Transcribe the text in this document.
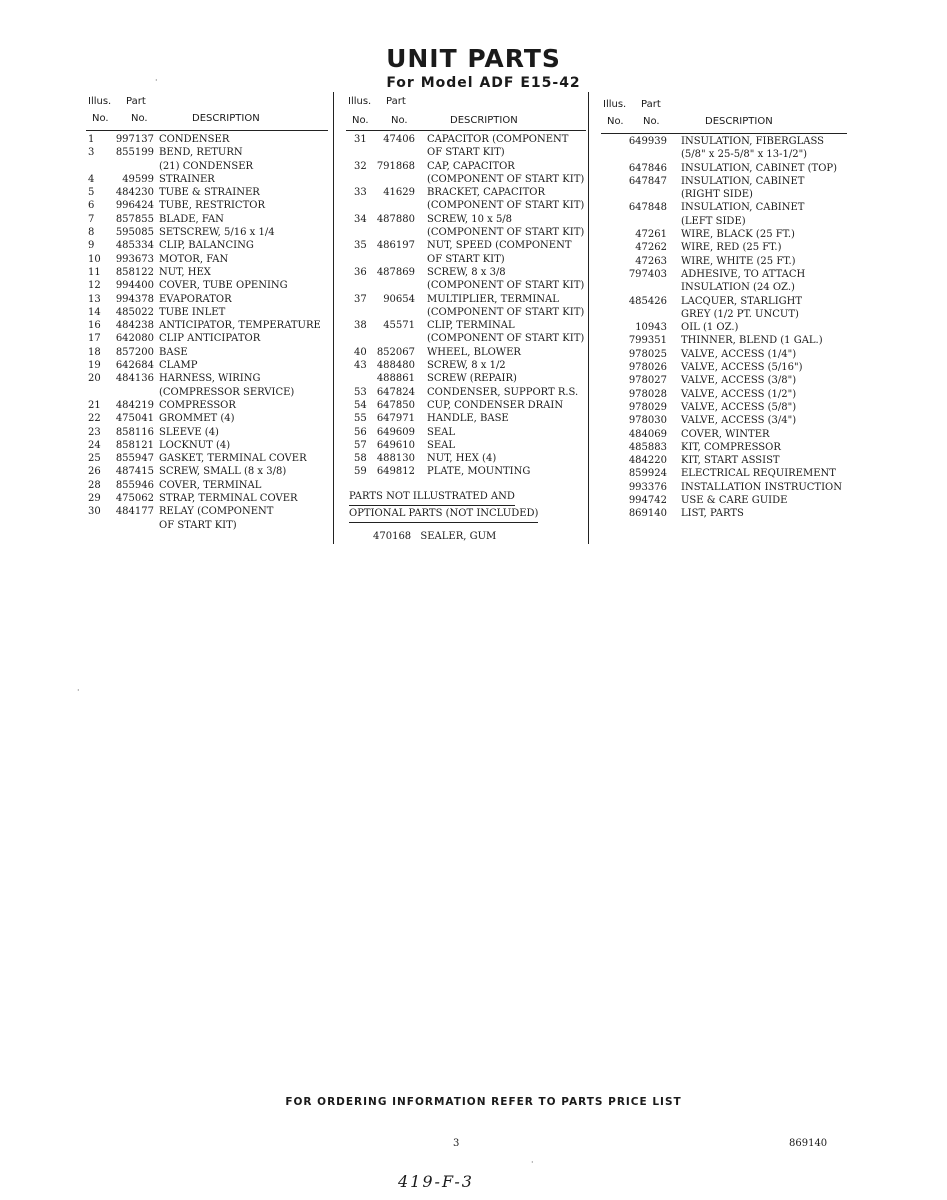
UNIT PARTS
For Model ADF E15-42
Illus. Part
No. No.	DESCRIPTION
1 997137 CONDENSER
3 855199 BEND, RETURN
(21) CONDENSER
4	49599 STRAINER
5 484230 TUBE & STRAINER
6 996424 TUBE, RESTRICTOR
7 857855 BLADE, FAN
8 595085 SETSCREW, 5/16 x 1/4
9 485334 CLIP, BALANCING
10 993673 MOTOR, FAN
11 858122 NUT, HEX
12 994400 COVER, TUBE OPENING
13 994378 EVAPORATOR
14 485022 TUBE INLET
16 484238 ANTICIPATOR, TEMPERATURE
17 642080 CLIP ANTICIPATOR
18 857200 BASE
19 642684 CLAMP
20 484136 HARNESS, WIRING
(COMPRESSOR SERVICE)
21 484219 COMPRESSOR
22 475041 GROMMET (4)
23 858116 SLEEVE (4)
24 858121 LOCKNUT (4)
25 855947 GASKET, TERMINAL COVER
26 487415 SCREW, SMALL (8 x 3/8)
28 855946 COVER, TERMINAL
29 475062 STRAP, TERMINAL COVER
30 484177 RELAY (COMPONENT
OF START KIT)
Illus. Part
No. No.	DESCRIPTION
31 47406 CAPACITOR (COMPONENT
OF START KIT)
32 791868 CAP, CAPACITOR
(COMPONENT OF START KIT)
33 41629 BRACKET, CAPACITOR
(COMPONENT OF START KIT)
34 487880 SCREW, 10 x 5/8
(COMPONENT OF START KIT)
35 486197 NUT, SPEED (COMPONENT
OF START KIT)
36 487869 SCREW, 8 x 3/8
(COMPONENT OF START KIT)
37 90654 MULTIPLIER, TERMINAL
(COMPONENT OF START KIT)
38 45571 CLIP, TERMINAL
(COMPONENT OF START KIT)
40 852067 WHEEL, BLOWER
43 488480 SCREW, 8 x 1/2
488861 SCREW (REPAIR)
53 647824 CONDENSER, SUPPORT R.S.
54 647850 CUP, CONDENSER DRAIN
55 647971 HANDLE, BASE
56 649609 SEAL
57 649610 SEAL
58 488130 NUT, HEX (4)
59 649812 PLATE, MOUNTING
PARTS NOT ILLUSTRATED AND
OPTIONAL PARTS (NOT INCLUDED)
470168 SEALER, GUM
Illus. Part
No. No.	DESCRIPTION
649939 INSULATION, FIBERGLASS
(5/8" x 25-5/8" x 13-1/2")
647846 INSULATION, CABINET (TOP)
647847 INSULATION, CABINET
(RIGHT SIDE)
647848 INSULATION, CABINET
(LEFT SIDE)
47261 WIRE, BLACK (25 FT.)
47262 WIRE, RED (25 FT.)
47263 WIRE, WHITE (25 FT.)
797403 ADHESIVE, TO ATTACH
INSULATION (24 OZ.)
485426 LACQUER, STARLIGHT
GREY (1/2 PT. UNCUT)
10943 OIL (1 OZ.)
799351 THINNER, BLEND (1 GAL.)
978025 VALVE, ACCESS (1/4")
978026 VALVE, ACCESS (5/16")
978027 VALVE, ACCESS (3/8")
978028 VALVE, ACCESS (1/2")
978029 VALVE, ACCESS (5/8")
978030 VALVE, ACCESS (3/4")
484069 COVER, WINTER
485883 KIT, COMPRESSOR
484220 KIT, START ASSIST
859924 ELECTRICAL REQUIREMENT
993376 INSTALLATION INSTRUCTION
994742 USE & CARE GUIDE
869140 LIST, PARTS
FOR ORDERING INFORMATION REFER TO PARTS PRICE LIST
3	869140
419-F-3
·
·
·
